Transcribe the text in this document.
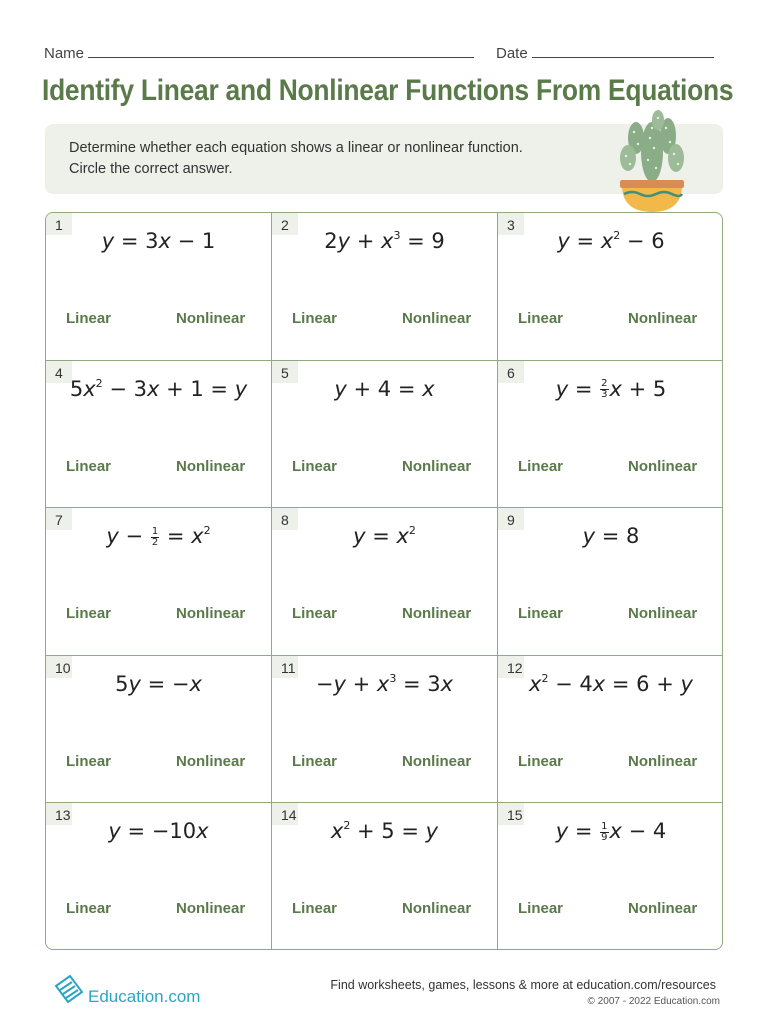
Name	Date
Identify Linear and Nonlinear Functions From Equations
Determine whether each equation shows a linear or nonlinear function.
Circle the correct answer.
1
y = 3x − 1
Linear	Nonlinear
2
$2y + x^3 = 9$
Linear	Nonlinear
3
$y = x^2 - 6$
Linear	Nonlinear
4
$5x^2 - 3x + 1 = y$
Linear	Nonlinear
5
y + 4 = x
Linear	Nonlinear
6
$y = \frac{2}{3}$ x + 5
Linear	Nonlinear
7
$y - \frac{1}{2} = x^2$
Linear	Nonlinear
8
$y = x^2$
Linear	Nonlinear
9
y = 8
Linear	Nonlinear
10
5y = −x
Linear	Nonlinear
11
$-y + x^3 = 3x$
Linear	Nonlinear
12
$x^2 - 4x = 6 + y$
Linear	Nonlinear
13
y = −10x
Linear	Nonlinear
14
$x^2 + 5 = y$
Linear	Nonlinear
15
$y = \frac{1}{9}$ x − 4
Linear	Nonlinear
Education.com
Find worksheets, games, lessons & more at education.com/resources
© 2007 - 2022 Education.com
